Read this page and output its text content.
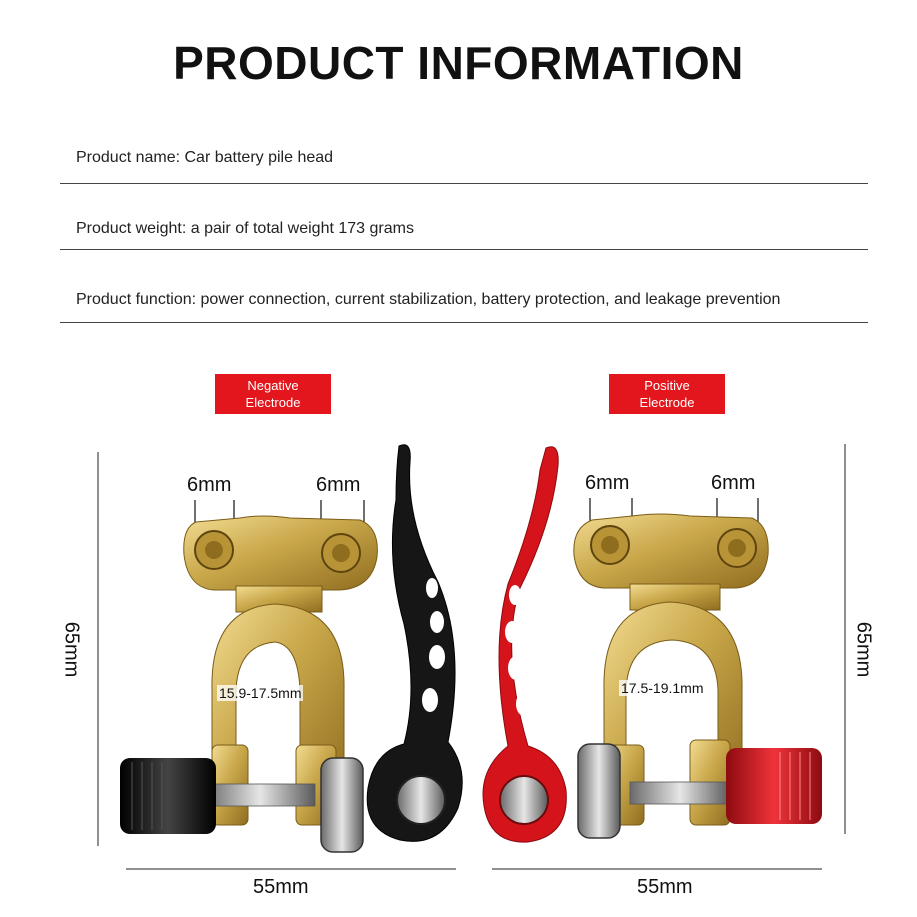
PRODUCT INFORMATION
Product name: Car battery pile head
Product weight: a pair of total weight 173 grams
Product function: power connection, current stabilization, battery protection, and leakage prevention
Negative
Electrode
Positive
Electrode
6mm	6mm	6mm	6mm
15.9-17.5mm	17.5-19.1mm
65mm	65mm
55mm	55mm
